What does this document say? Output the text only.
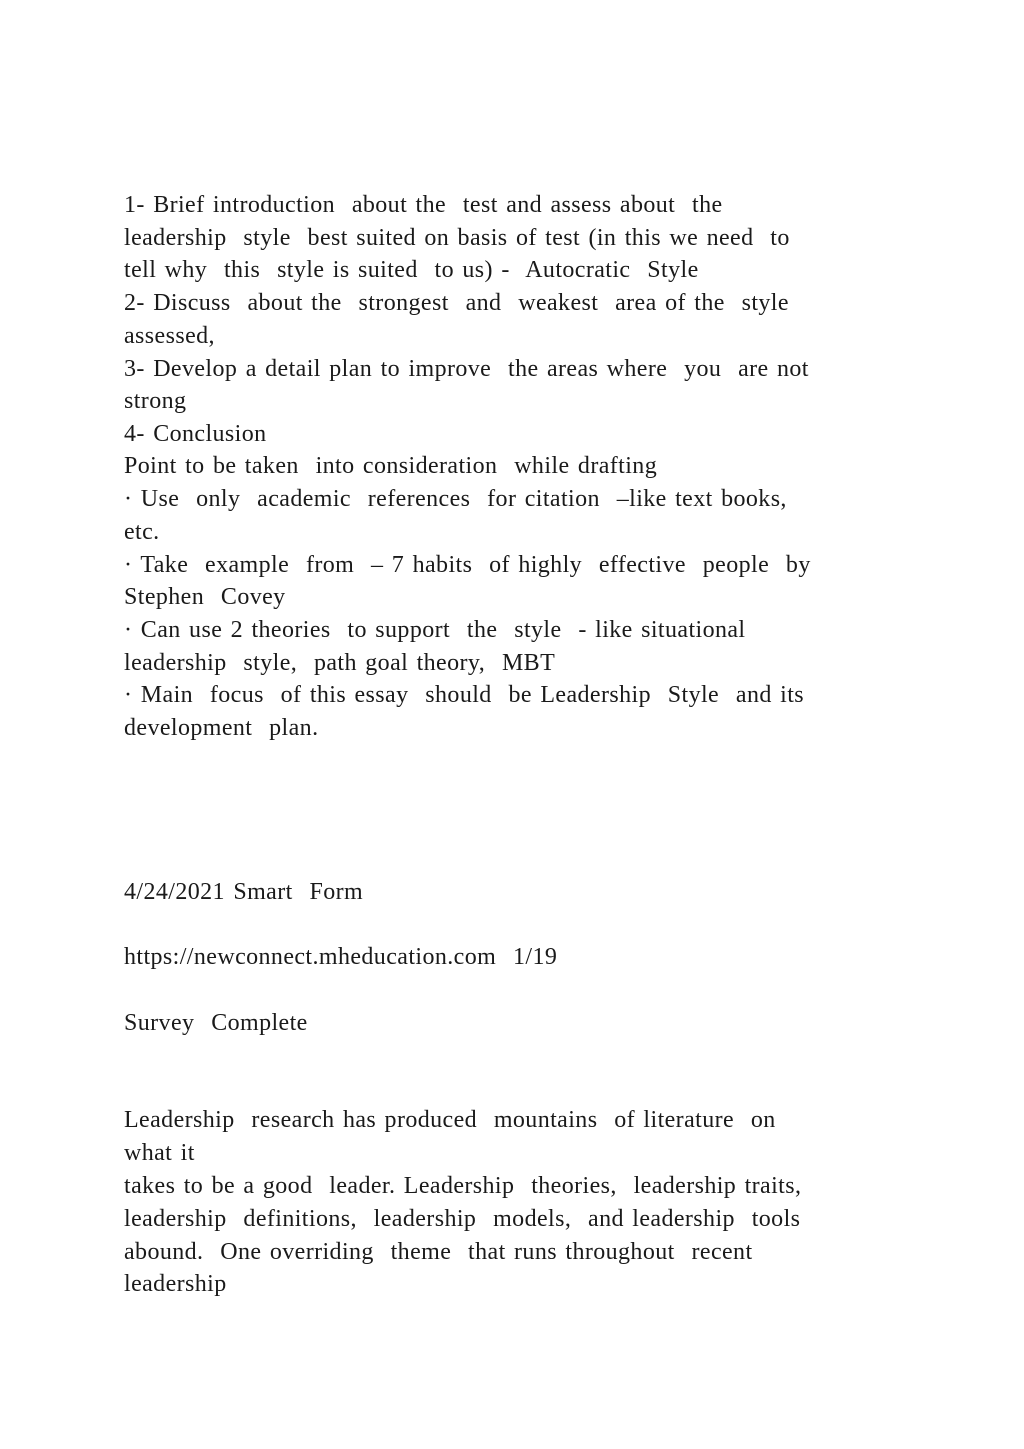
1- Brief introduction  about the  test and assess about  the
leadership  style  best suited on basis of test (in this we need  to
tell why  this  style is suited  to us) -  Autocratic  Style
2- Discuss  about the  strongest  and  weakest  area of the  style
assessed,
3- Develop a detail plan to improve  the areas where  you  are not
strong
4- Conclusion
Point to be taken  into consideration  while drafting
· Use  only  academic  references  for citation  –like text books,
etc.
· Take  example  from  – 7 habits  of highly  effective  people  by
Stephen  Covey
· Can use 2 theories  to support  the  style  - like situational
leadership  style,  path goal theory,  MBT
· Main  focus  of this essay  should  be Leadership  Style  and its
development  plan.
4/24/2021 Smart  Form
https://newconnect.mheducation.com  1/19
Survey  Complete
Leadership  research has produced  mountains  of literature  on
what it
takes to be a good  leader. Leadership  theories,  leadership traits,
leadership  definitions,  leadership  models,  and leadership  tools
abound.  One overriding  theme  that runs throughout  recent
leadership
